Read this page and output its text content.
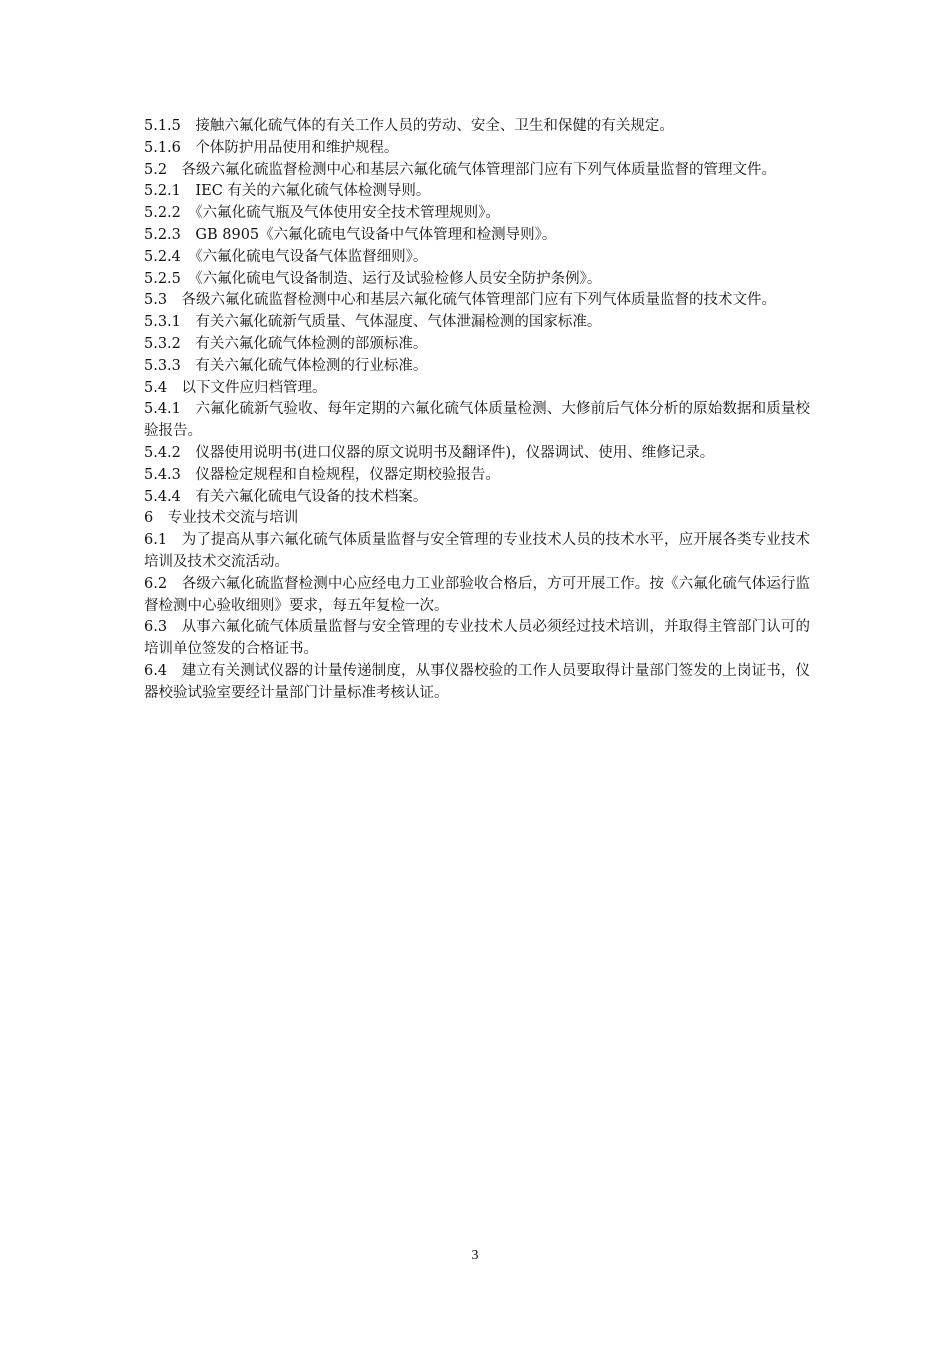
5.1.5　接触六氟化硫气体的有关工作人员的劳动、安全、卫生和保健的有关规定。

5.1.6　个体防护用品使用和维护规程。

5.2　各级六氟化硫监督检测中心和基层六氟化硫气体管理部门应有下列气体质量监督的管理文件。

5.2.1　IEC 有关的六氟化硫气体检测导则。

5.2.2　《六氟化硫气瓶及气体使用安全技术管理规则》。

5.2.3　GB 8905《六氟化硫电气设备中气体管理和检测导则》。

5.2.4　《六氟化硫电气设备气体监督细则》。

5.2.5　《六氟化硫电气设备制造、运行及试验检修人员安全防护条例》。

5.3　各级六氟化硫监督检测中心和基层六氟化硫气体管理部门应有下列气体质量监督的技术文件。

5.3.1　有关六氟化硫新气质量、气体湿度、气体泄漏检测的国家标准。

5.3.2　有关六氟化硫气体检测的部颁标准。

5.3.3　有关六氟化硫气体检测的行业标准。

5.4　以下文件应归档管理。

5.4.1　六氟化硫新气验收、每年定期的六氟化硫气体质量检测、大修前后气体分析的原始数据和质量校验报告。

5.4.2　仪器使用说明书(进口仪器的原文说明书及翻译件)，仪器调试、使用、维修记录。

5.4.3　仪器检定规程和自检规程，仪器定期校验报告。

5.4.4　有关六氟化硫电气设备的技术档案。

6　专业技术交流与培训

6.1　为了提高从事六氟化硫气体质量监督与安全管理的专业技术人员的技术水平，应开展各类专业技术培训及技术交流活动。

6.2　各级六氟化硫监督检测中心应经电力工业部验收合格后，方可开展工作。按《六氟化硫气体运行监督检测中心验收细则》要求，每五年复检一次。

6.3　从事六氟化硫气体质量监督与安全管理的专业技术人员必须经过技术培训，并取得主管部门认可的培训单位签发的合格证书。

6.4　建立有关测试仪器的计量传递制度，从事仪器校验的工作人员要取得计量部门签发的上岗证书，仪器校验试验室要经计量部门计量标准考核认证。

3
